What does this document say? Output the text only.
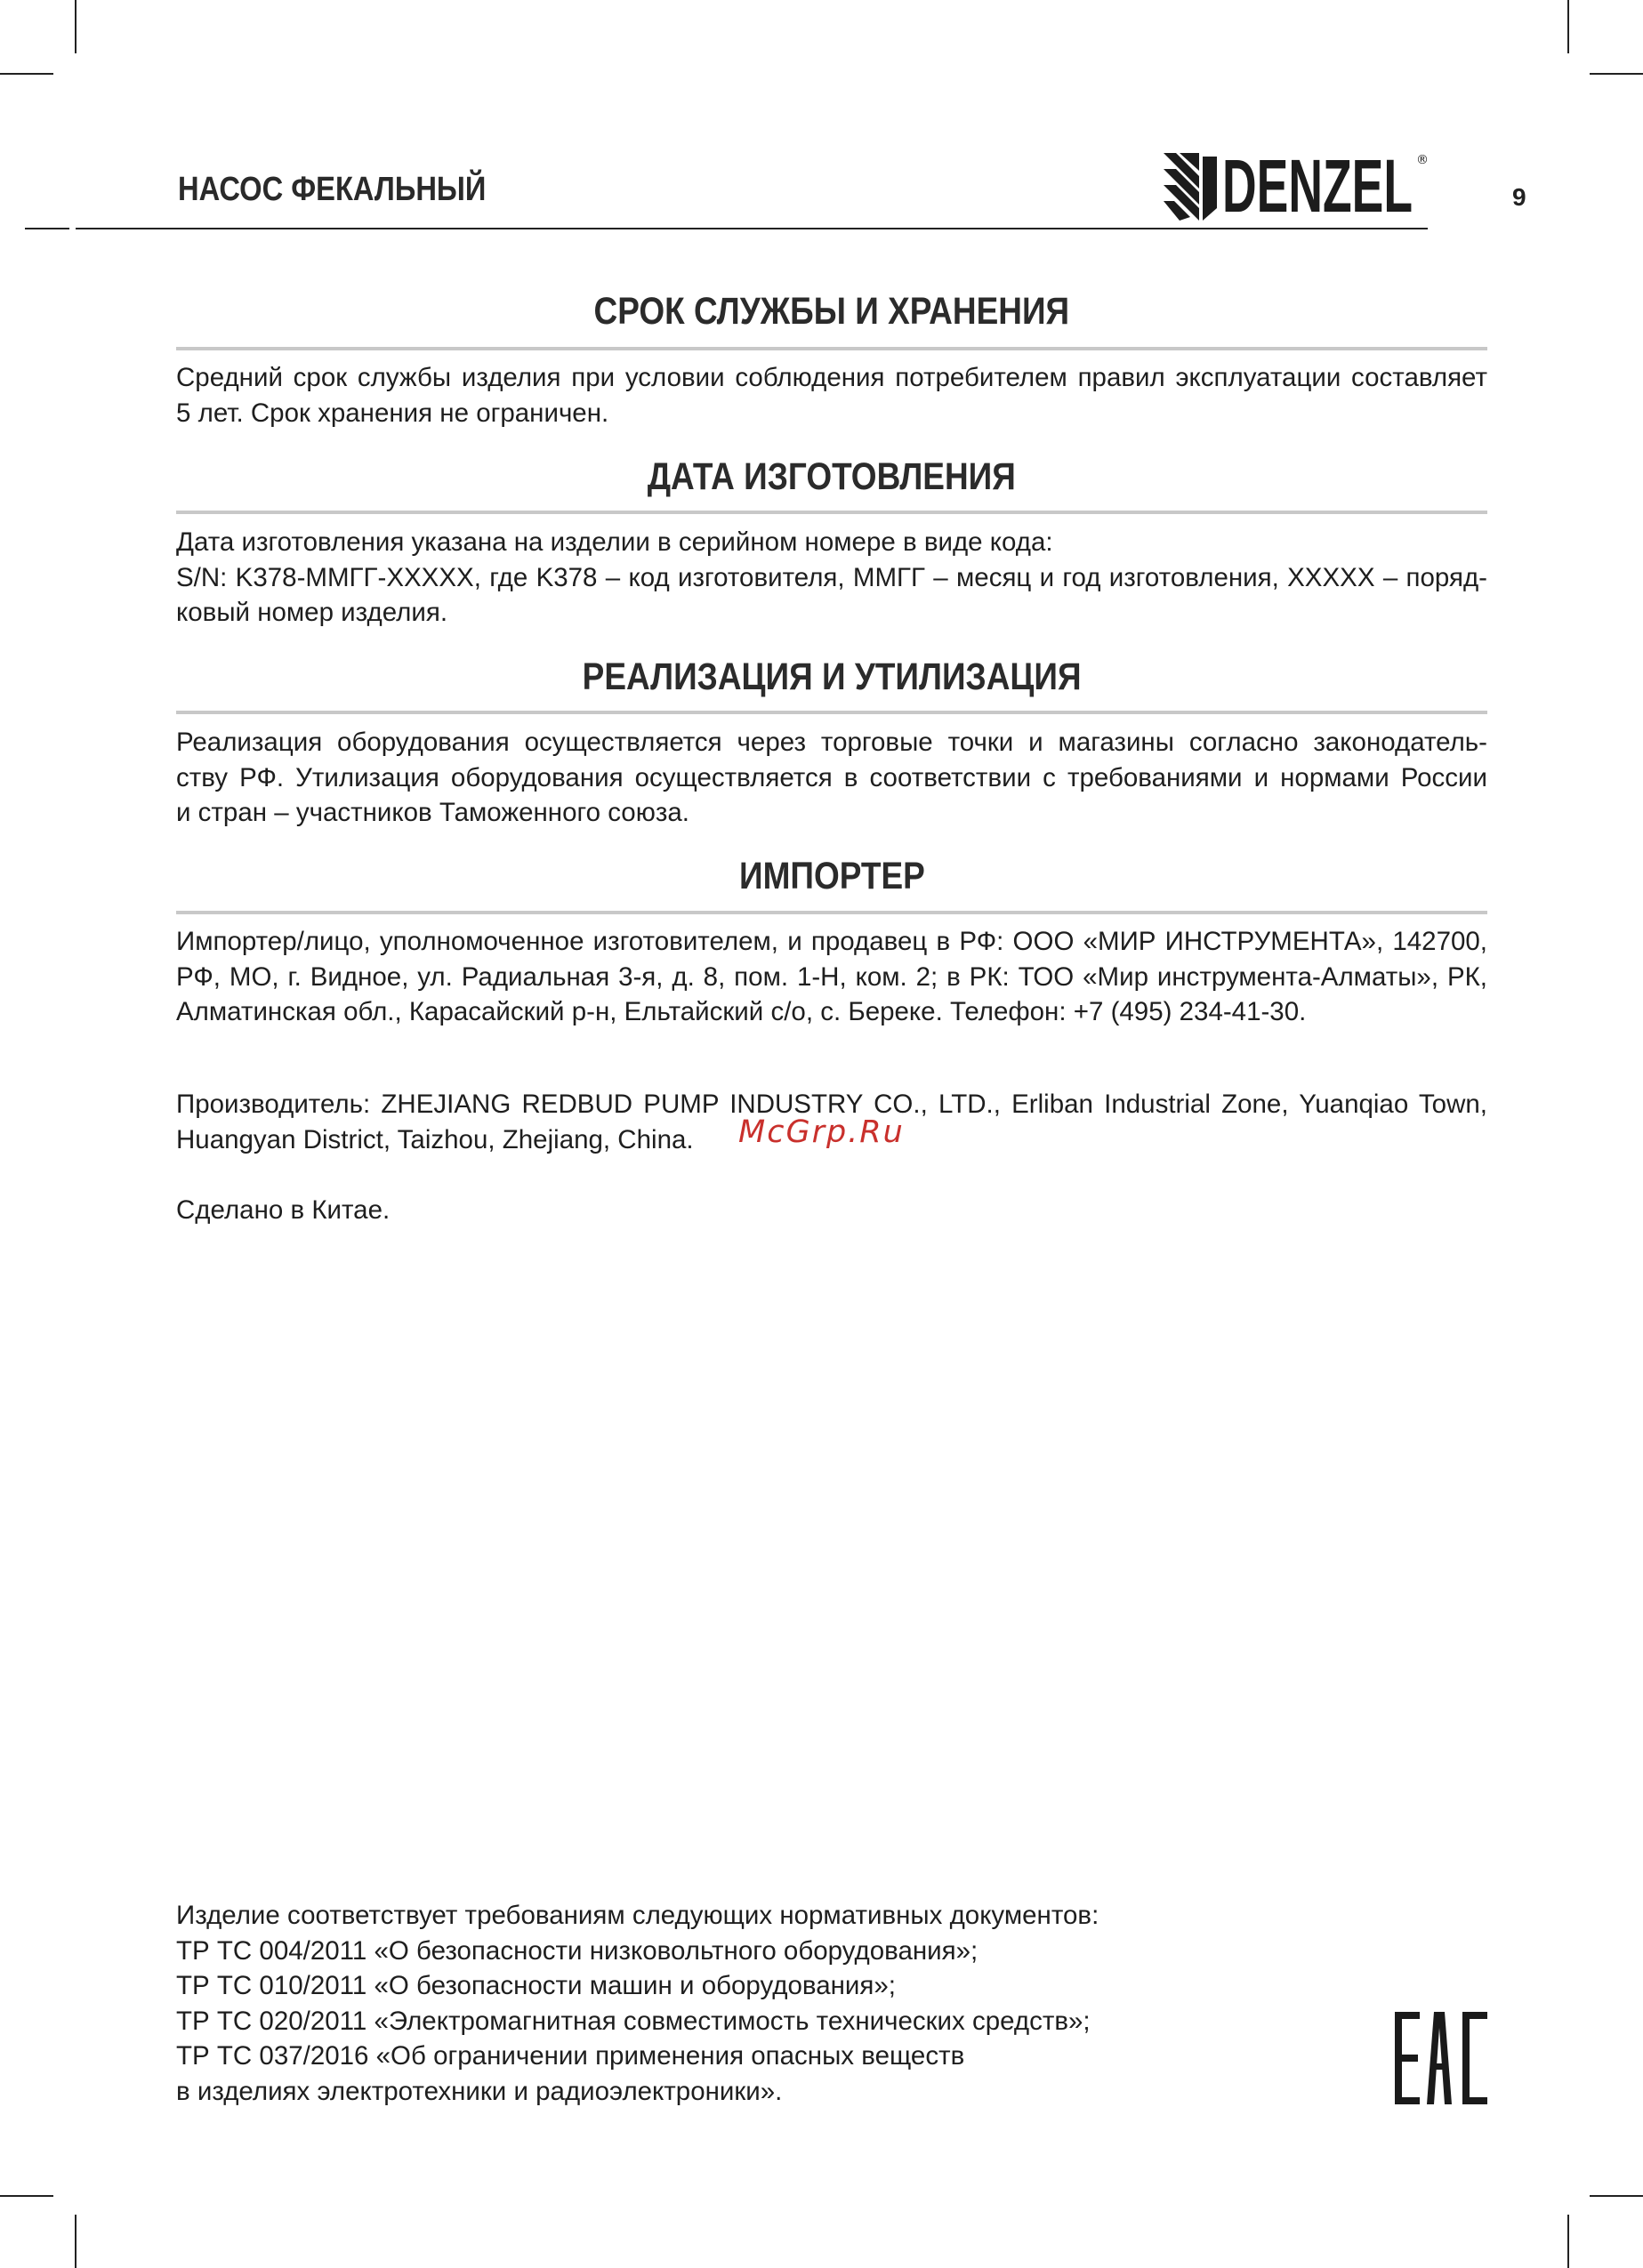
НАСОС ФЕКАЛЬНЫЙ	DENZEL ®
9
СРОК СЛУЖБЫ И ХРАНЕНИЯ
Средний срок службы изделия при условии соблюдения потребителем правил эксплуатации составляет
5 лет. Срок хранения не ограничен.
ДАТА ИЗГОТОВЛЕНИЯ
Дата изготовления указана на изделии в серийном номере в виде кода:
S/N: K378-ММГГ-XXXXX, где K378 – код изготовителя, ММГГ – месяц и год изготовления, XXXXX – поряд-
ковый номер изделия.
РЕАЛИЗАЦИЯ И УТИЛИЗАЦИЯ
Реализация оборудования осуществляется через торговые точки и магазины согласно законодатель-
ству РФ. Утилизация оборудования осуществляется в соответствии с требованиями и нормами России
и стран – участников Таможенного союза.
ИМПОРТЕР
Импортер/лицо, уполномоченное изготовителем, и продавец в РФ: ООО «МИР ИНСТРУМЕНТА», 142700,
РФ, МО, г. Видное, ул. Радиальная 3-я, д. 8, пом. 1-Н, ком. 2; в РК: ТОО «Мир инструмента-Алматы», РК,
Алматинская обл., Карасайский р-н, Ельтайский с/о, с. Береке. Телефон: +7 (495) 234-41-30.
Производитель: ZHEJIANG REDBUD PUMP INDUSTRY CO., LTD., Erliban Industrial Zone, Yuanqiao Town,
Huangyan District, Taizhou, Zhejiang, China.	McGrp.Ru
Сделано в Китае.
Изделие соответствует требованиям следующих нормативных документов:
ТР ТС 004/2011 «О безопасности низковольтного оборудования»;
ТР ТС 010/2011 «О безопасности машин и оборудования»;
ТР ТС 020/2011 «Электромагнитная совместимость технических средств»;
ТР ТС 037/2016 «Об ограничении применения опасных веществ
в изделиях электротехники и радиоэлектроники».
